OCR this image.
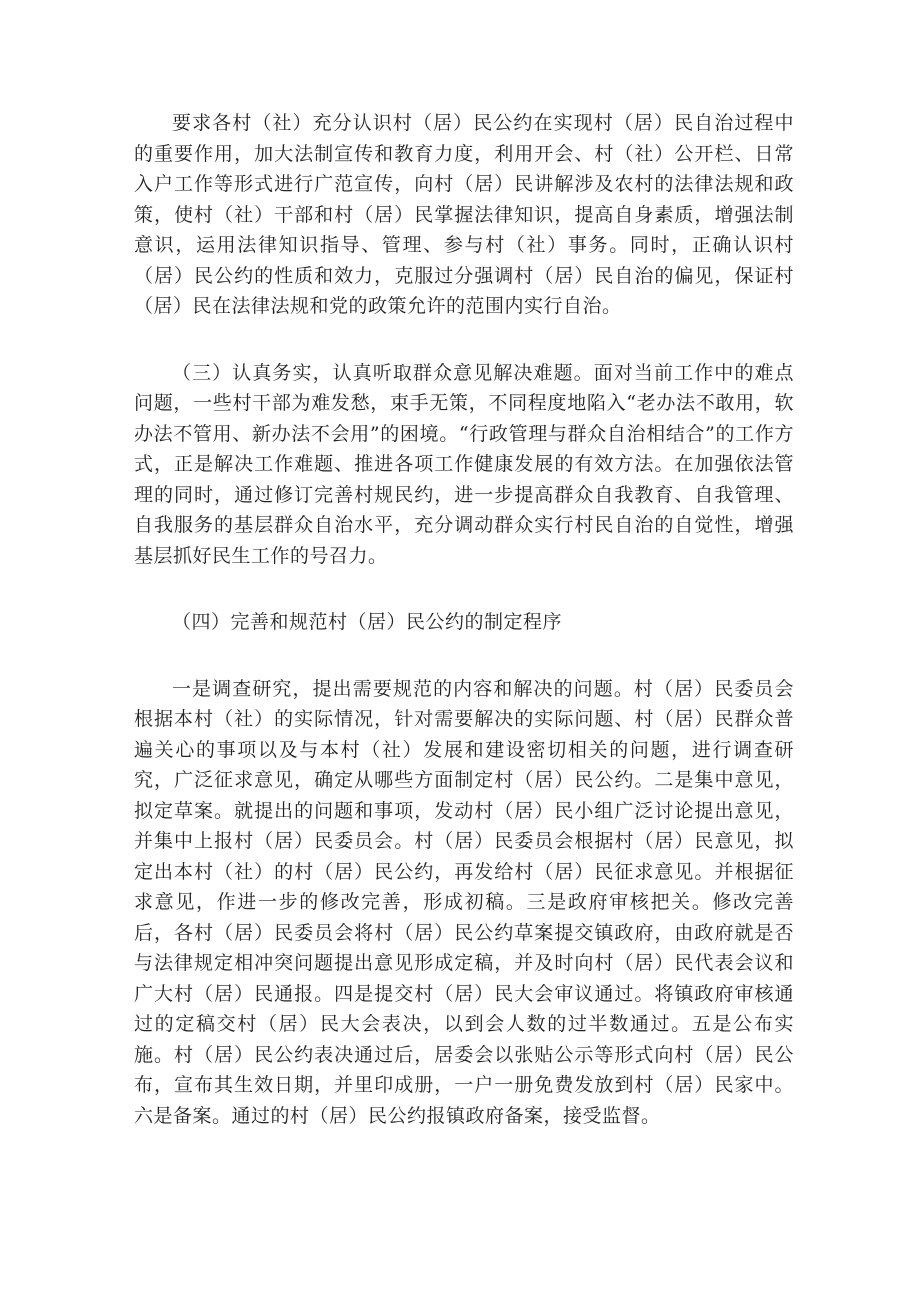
要求各村（社）充分认识村（居）民公约在实现村（居）民自治过程中的重要作用，加大法制宣传和教育力度，利用开会、村（社）公开栏、日常入户工作等形式进行广范宣传，向村（居）民讲解涉及农村的法律法规和政策，使村（社）干部和村（居）民掌握法律知识，提高自身素质，增强法制意识，运用法律知识指导、管理、参与村（社）事务。同时，正确认识村（居）民公约的性质和效力，克服过分强调村（居）民自治的偏见，保证村（居）民在法律法规和党的政策允许的范围内实行自治。

（三）认真务实，认真听取群众意见解决难题。面对当前工作中的难点问题，一些村干部为难发愁，束手无策，不同程度地陷入“老办法不敢用，软办法不管用、新办法不会用”的困境。“行政管理与群众自治相结合”的工作方式，正是解决工作难题、推进各项工作健康发展的有效方法。在加强依法管理的同时，通过修订完善村规民约，进一步提高群众自我教育、自我管理、自我服务的基层群众自治水平，充分调动群众实行村民自治的自觉性，增强基层抓好民生工作的号召力。

（四）完善和规范村（居）民公约的制定程序

一是调查研究，提出需要规范的内容和解决的问题。村（居）民委员会根据本村（社）的实际情况，针对需要解决的实际问题、村（居）民群众普遍关心的事项以及与本村（社）发展和建设密切相关的问题，进行调查研究，广泛征求意见，确定从哪些方面制定村（居）民公约。二是集中意见，拟定草案。就提出的问题和事项，发动村（居）民小组广泛讨论提出意见，并集中上报村（居）民委员会。村（居）民委员会根据村（居）民意见，拟定出本村（社）的村（居）民公约，再发给村（居）民征求意见。并根据征求意见，作进一步的修改完善，形成初稿。三是政府审核把关。修改完善后，各村（居）民委员会将村（居）民公约草案提交镇政府，由政府就是否与法律规定相冲突问题提出意见形成定稿，并及时向村（居）民代表会议和广大村（居）民通报。四是提交村（居）民大会审议通过。将镇政府审核通过的定稿交村（居）民大会表决，以到会人数的过半数通过。五是公布实施。村（居）民公约表决通过后，居委会以张贴公示等形式向村（居）民公布，宣布其生效日期，并里印成册，一户一册免费发放到村（居）民家中。六是备案。通过的村（居）民公约报镇政府备案，接受监督。
